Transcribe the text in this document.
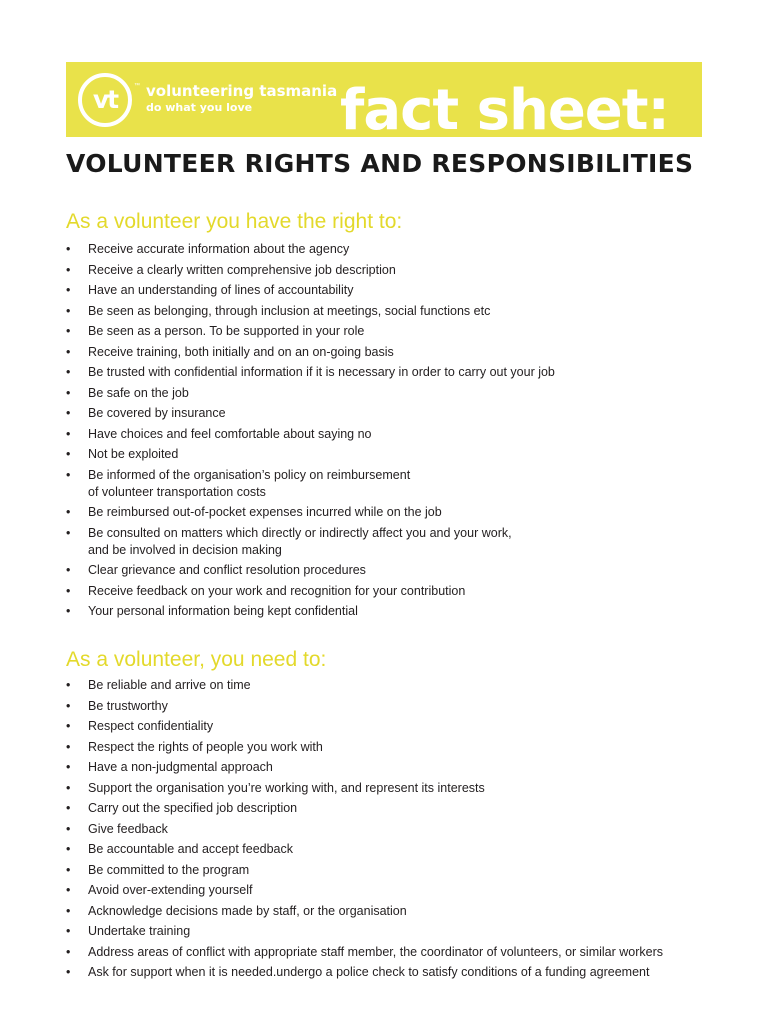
vt	™ volunteering tasmania
do what you love fact sheet:
VOLUNTEER RIGHTS AND RESPONSIBILITIES
As a volunteer you have the right to:
• Receive accurate information about the agency
• Receive a clearly written comprehensive job description
• Have an understanding of lines of accountability
• Be seen as belonging, through inclusion at meetings, social functions etc
• Be seen as a person. To be supported in your role
• Receive training, both initially and on an on-going basis
• Be trusted with confidential information if it is necessary in order to carry out your job
• Be safe on the job
• Be covered by insurance
• Have choices and feel comfortable about saying no
• Not be exploited
• Be informed of the organisation’s policy on reimbursement
of volunteer transportation costs
• Be reimbursed out-of-pocket expenses incurred while on the job
• Be consulted on matters which directly or indirectly affect you and your work,
and be involved in decision making
• Clear grievance and conflict resolution procedures
• Receive feedback on your work and recognition for your contribution
• Your personal information being kept confidential
As a volunteer, you need to:
• Be reliable and arrive on time
• Be trustworthy
• Respect confidentiality
• Respect the rights of people you work with
• Have a non-judgmental approach
• Support the organisation you’re working with, and represent its interests
• Carry out the specified job description
• Give feedback
• Be accountable and accept feedback
• Be committed to the program
• Avoid over-extending yourself
• Acknowledge decisions made by staff, or the organisation
• Undertake training
• Address areas of conflict with appropriate staff member, the coordinator of volunteers, or similar workers
• Ask for support when it is needed.undergo a police check to satisfy conditions of a funding agreement
